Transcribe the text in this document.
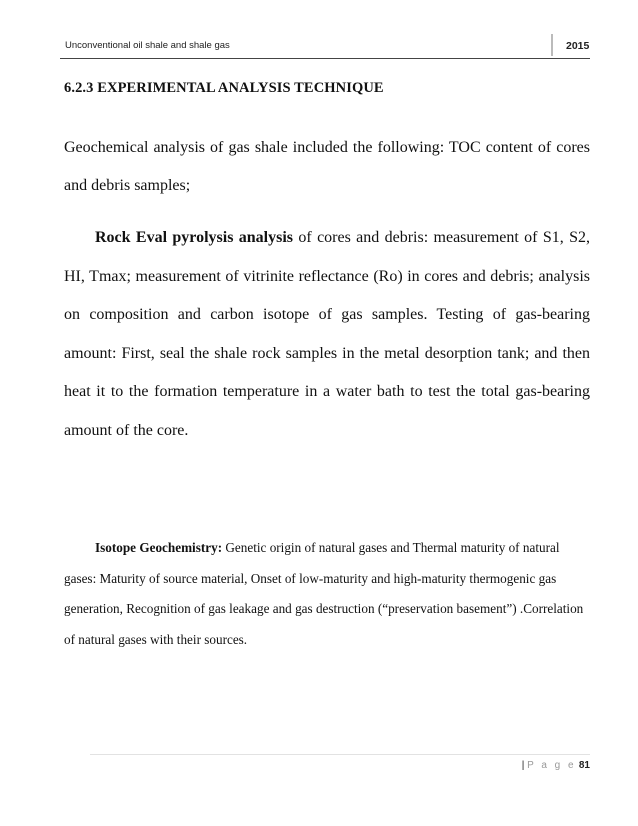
Unconventional oil shale and shale gas	2015
6.2.3 EXPERIMENTAL ANALYSIS TECHNIQUE

Geochemical analysis of gas shale included the following: TOC content of cores and debris samples;

Rock Eval pyrolysis analysis of cores and debris: measurement of S1, S2, HI, Tmax; measurement of vitrinite reflectance (Ro) in cores and debris; analysis on composition and carbon isotope of gas samples. Testing of gas-bearing amount: First, seal the shale rock samples in the metal desorption tank; and then heat it to the formation temperature in a water bath to test the total gas-bearing amount of the core.

Isotope Geochemistry: Genetic origin of natural gases and Thermal maturity of natural gases: Maturity of source material, Onset of low-maturity and high-maturity thermogenic gas generation, Recognition of gas leakage and gas destruction (“preservation basement”) .Correlation of natural gases with their sources.

| P a g e 81
